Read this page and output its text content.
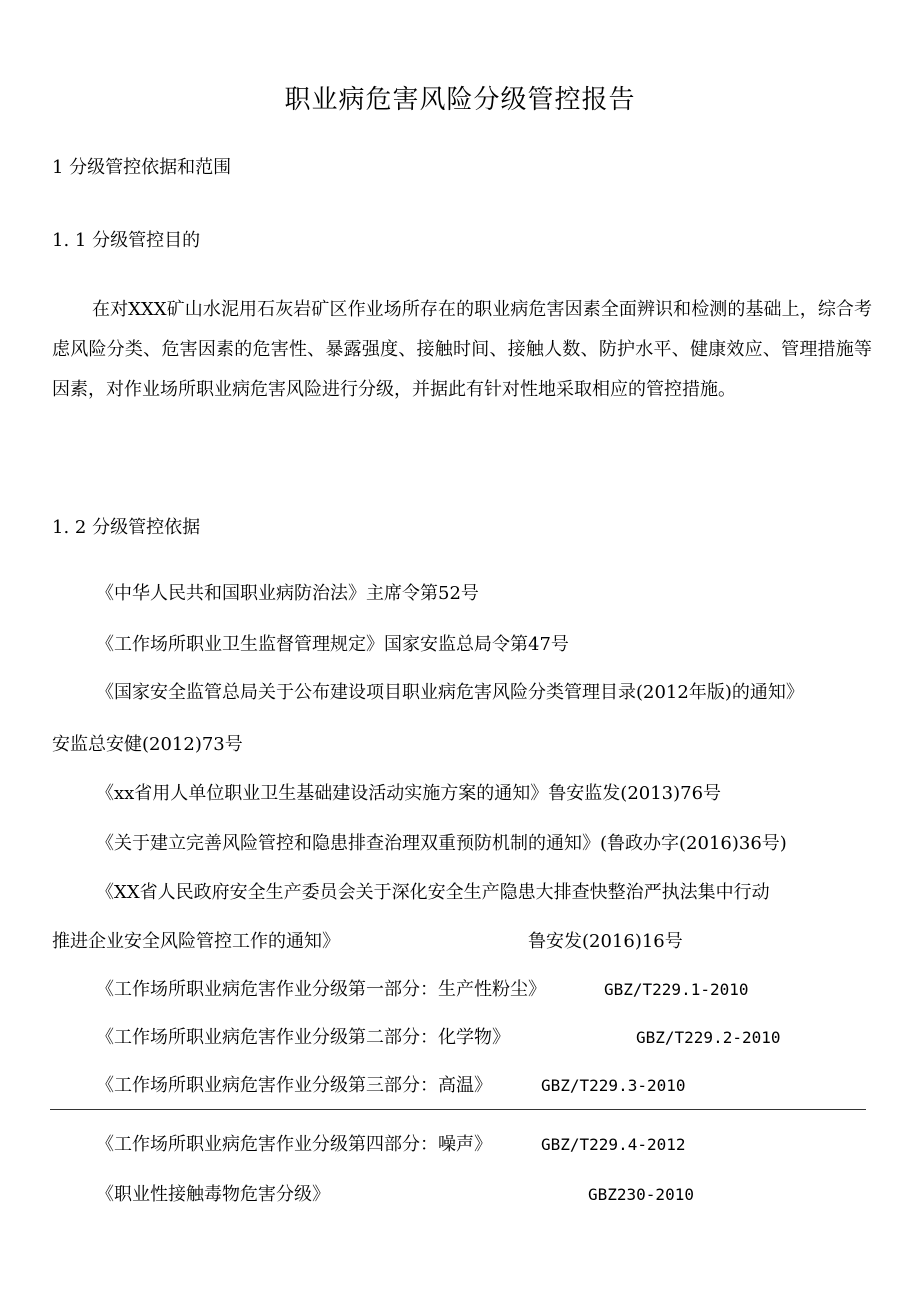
职业病危害风险分级管控报告
1 分级管控依据和范围
1. 1 分级管控目的
在对XXX矿山水泥用石灰岩矿区作业场所存在的职业病危害因素全面辨识和检测的基础上，综合考虑风险分类、危害因素的危害性、暴露强度、接触时间、接触人数、防护水平、健康效应、管理措施等因素，对作业场所职业病危害风险进行分级，并据此有针对性地采取相应的管控措施。
1. 2 分级管控依据
《中华人民共和国职业病防治法》主席令第52号
《工作场所职业卫生监督管理规定》国家安监总局令第47号
《国家安全监管总局关于公布建设项目职业病危害风险分类管理目录(2012年版)的通知》
安监总安健(2012)73号
《xx省用人单位职业卫生基础建设活动实施方案的通知》鲁安监发(2013)76号
《关于建立完善风险管控和隐患排查治理双重预防机制的通知》(鲁政办字(2016)36号)
《XX省人民政府安全生产委员会关于深化安全生产隐患大排查快整治严执法集中行动
推进企业安全风险管控工作的通知》	鲁安发(2016)16号
《工作场所职业病危害作业分级第一部分：生产性粉尘》	GBZ/T229.1-2010
《工作场所职业病危害作业分级第二部分：化学物》	GBZ/T229.2-2010
《工作场所职业病危害作业分级第三部分：高温》	GBZ/T229.3-2010
《工作场所职业病危害作业分级第四部分：噪声》	GBZ/T229.4-2012
《职业性接触毒物危害分级》	GBZ230-2010
